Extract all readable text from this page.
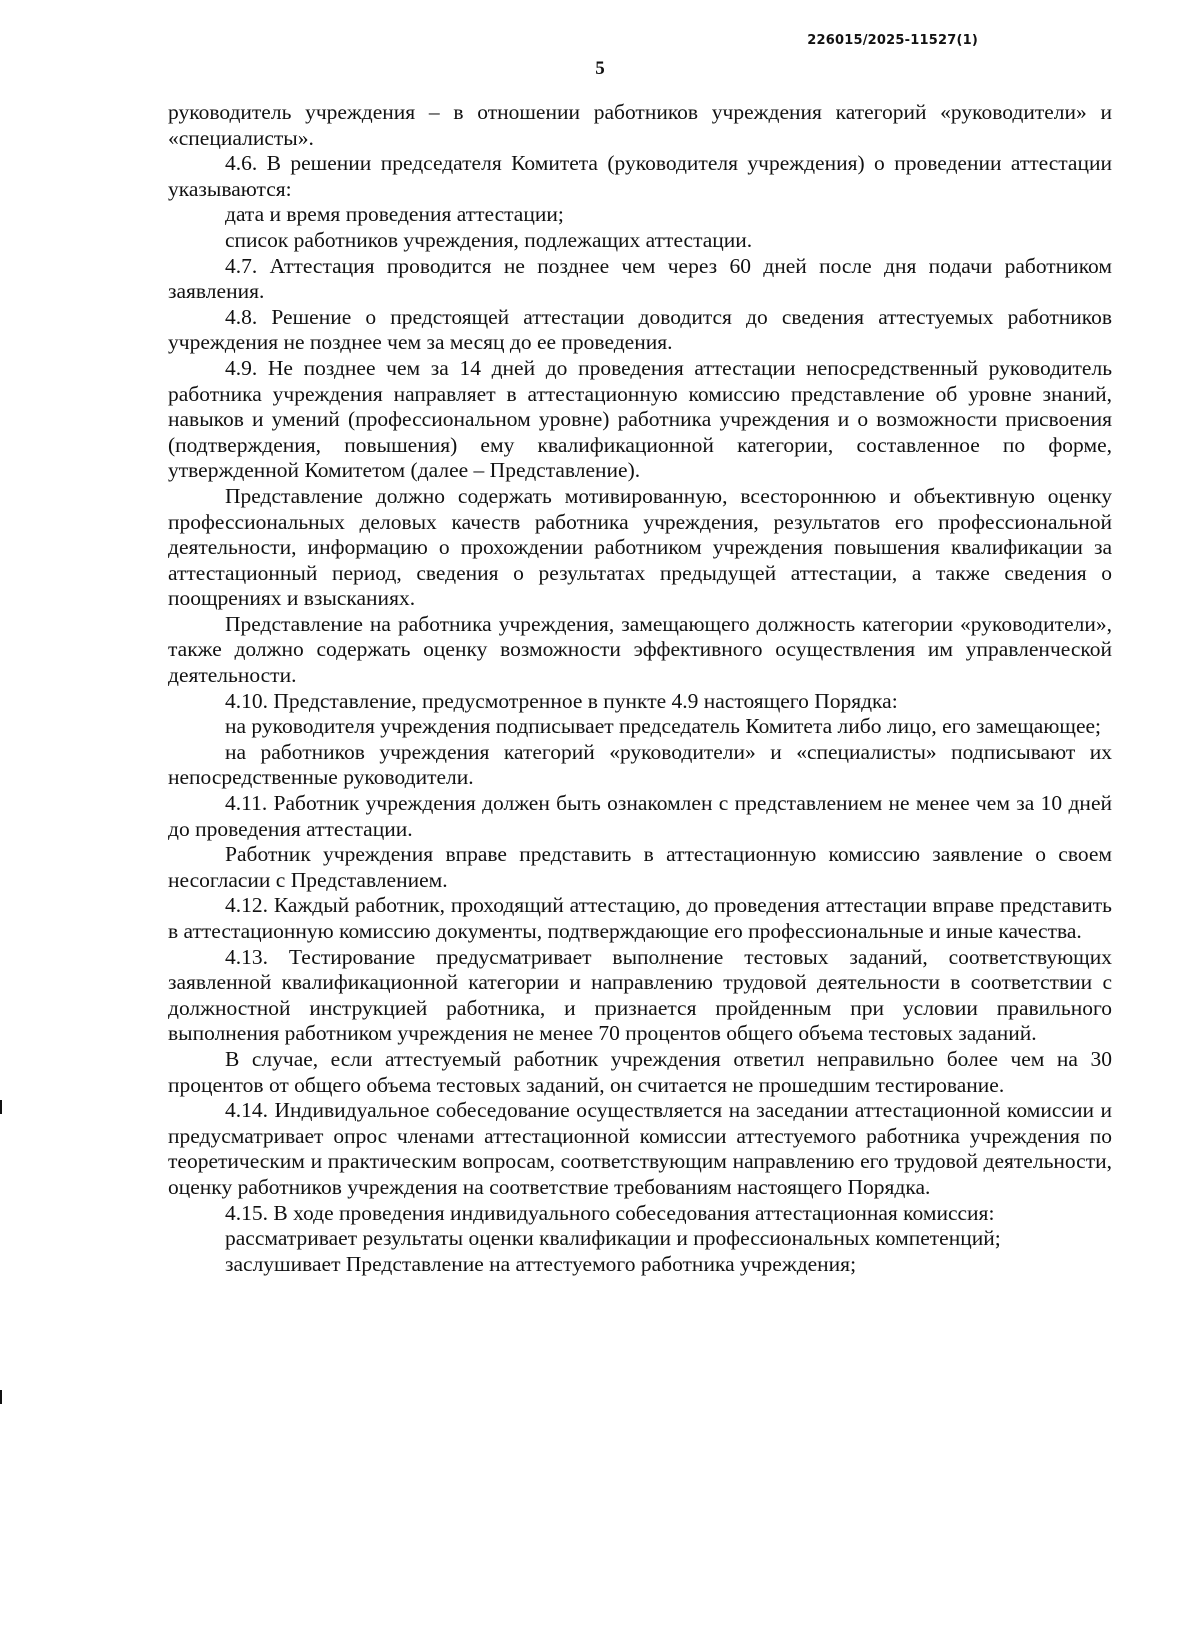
226015/2025-11527(1)
5

руководитель учреждения – в отношении работников учреждения категорий «руководители» и «специалисты».

4.6. В решении председателя Комитета (руководителя учреждения) о проведении аттестации указываются:

дата и время проведения аттестации;

список работников учреждения, подлежащих аттестации.

4.7. Аттестация проводится не позднее чем через 60 дней после дня подачи работником заявления.

4.8. Решение о предстоящей аттестации доводится до сведения аттестуемых работников учреждения не позднее чем за месяц до ее проведения.

4.9. Не позднее чем за 14 дней до проведения аттестации непосредственный руководитель работника учреждения направляет в аттестационную комиссию представление об уровне знаний, навыков и умений (профессиональном уровне) работника учреждения и о возможности присвоения (подтверждения, повышения) ему квалификационной категории, составленное по форме, утвержденной Комитетом (далее – Представление).

Представление должно содержать мотивированную, всестороннюю и объективную оценку профессиональных деловых качеств работника учреждения, результатов его профессиональной деятельности, информацию о прохождении работником учреждения повышения квалификации за аттестационный период, сведения о результатах предыдущей аттестации, а также сведения о поощрениях и взысканиях.

Представление на работника учреждения, замещающего должность категории «руководители», также должно содержать оценку возможности эффективного осуществления им управленческой деятельности.

4.10. Представление, предусмотренное в пункте 4.9 настоящего Порядка:

на руководителя учреждения подписывает председатель Комитета либо лицо, его замещающее;

на работников учреждения категорий «руководители» и «специалисты» подписывают их непосредственные руководители.

4.11. Работник учреждения должен быть ознакомлен с представлением не менее чем за 10 дней до проведения аттестации.

Работник учреждения вправе представить в аттестационную комиссию заявление о своем несогласии с Представлением.

4.12. Каждый работник, проходящий аттестацию, до проведения аттестации вправе представить в аттестационную комиссию документы, подтверждающие его профессиональные и иные качества.

4.13. Тестирование предусматривает выполнение тестовых заданий, соответствующих заявленной квалификационной категории и направлению трудовой деятельности в соответствии с должностной инструкцией работника, и признается пройденным при условии правильного выполнения работником учреждения не менее 70 процентов общего объема тестовых заданий.

В случае, если аттестуемый работник учреждения ответил неправильно более чем на 30 процентов от общего объема тестовых заданий, он считается не прошедшим тестирование.

4.14. Индивидуальное собеседование осуществляется на заседании аттестационной комиссии и предусматривает опрос членами аттестационной комиссии аттестуемого работника учреждения по теоретическим и практическим вопросам, соответствующим направлению его трудовой деятельности, оценку работников учреждения на соответствие требованиям настоящего Порядка.

4.15. В ходе проведения индивидуального собеседования аттестационная комиссия:

рассматривает результаты оценки квалификации и профессиональных компетенций;

заслушивает Представление на аттестуемого работника учреждения;
